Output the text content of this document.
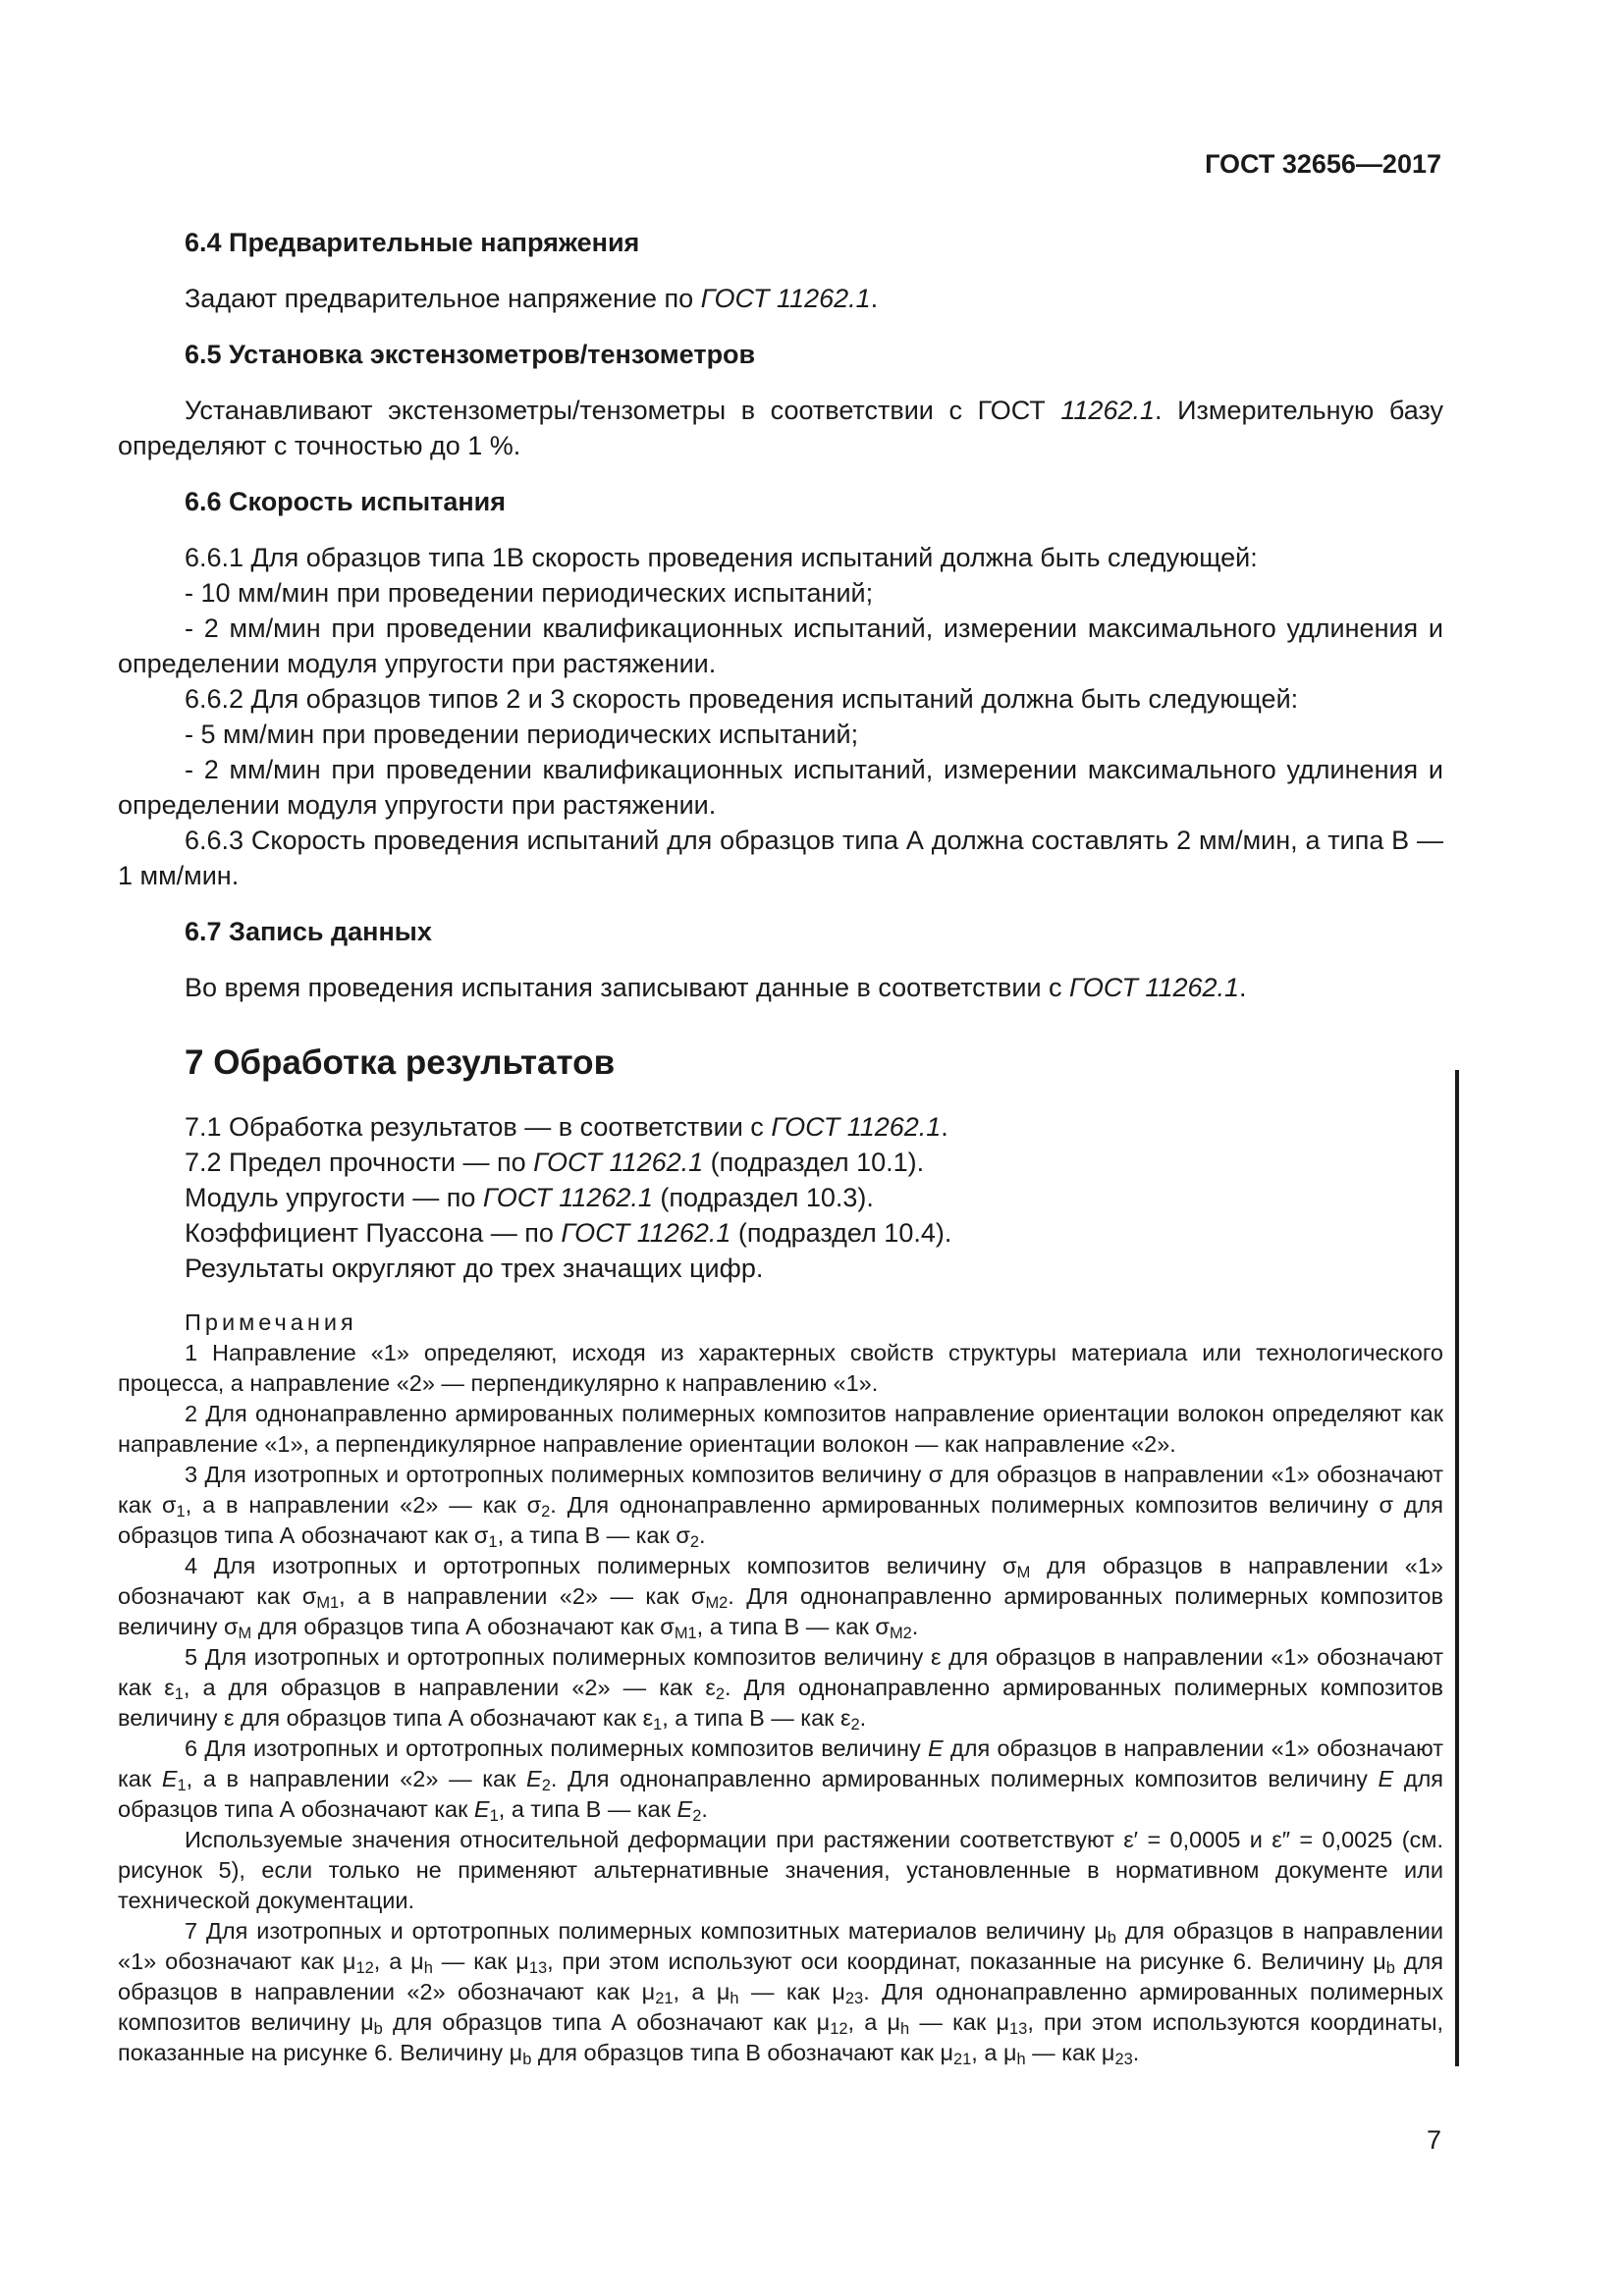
ГОСТ 32656—2017
6.4 Предварительные напряжения

Задают предварительное напряжение по ГОСТ 11262.1.

6.5 Установка экстензометров/тензометров

Устанавливают экстензометры/тензометры в соответствии с ГОСТ 11262.1. Измерительную базу определяют с точностью до 1 %.

6.6 Скорость испытания

6.6.1 Для образцов типа 1В скорость проведения испытаний должна быть следующей:

- 10 мм/мин при проведении периодических испытаний;

- 2 мм/мин при проведении квалификационных испытаний, измерении максимального удлинения и определении модуля упругости при растяжении.

6.6.2 Для образцов типов 2 и 3 скорость проведения испытаний должна быть следующей:

- 5 мм/мин при проведении периодических испытаний;

- 2 мм/мин при проведении квалификационных испытаний, измерении максимального удлинения и определении модуля упругости при растяжении.

6.6.3 Скорость проведения испытаний для образцов типа А должна составлять 2 мм/мин, а типа В — 1 мм/мин.

6.7 Запись данных

Во время проведения испытания записывают данные в соответствии с ГОСТ 11262.1.

7 Обработка результатов

7.1 Обработка результатов — в соответствии с ГОСТ 11262.1.

7.2 Предел прочности — по ГОСТ 11262.1 (подраздел 10.1).

Модуль упругости — по ГОСТ 11262.1 (подраздел 10.3).

Коэффициент Пуассона — по ГОСТ 11262.1 (подраздел 10.4).

Результаты округляют до трех значащих цифр.

Примечания

1 Направление «1» определяют, исходя из характерных свойств структуры материала или технологического процесса, а направление «2» — перпендикулярно к направлению «1».

2 Для однонаправленно армированных полимерных композитов направление ориентации волокон определяют как направление «1», а перпендикулярное направление ориентации волокон — как направление «2».

3 Для изотропных и ортотропных полимерных композитов величину σ для образцов в направлении «1» обозначают как $\sigma_1$, а в направлении «2» — как $\sigma_2$. Для однонаправленно армированных полимерных композитов величину σ для образцов типа А обозначают как $\sigma_1$, а типа В — как $\sigma_2$.

4 Для изотропных и ортотропных полимерных композитов величину $\sigma_M$ для образцов в направлении «1» обозначают как $\sigma_{M1}$, а в направлении «2» — как $\sigma_{M2}$. Для однонаправленно армированных полимерных композитов величину $\sigma_M$ для образцов типа А обозначают как $\sigma_{M1}$, а типа В — как $\sigma_{M2}$.

5 Для изотропных и ортотропных полимерных композитов величину ε для образцов в направлении «1» обозначают как $\varepsilon_1$, а для образцов в направлении «2» — как $\varepsilon_2$. Для однонаправленно армированных полимерных композитов величину ε для образцов типа А обозначают как $\varepsilon_1$, а типа В — как $\varepsilon_2$.

6 Для изотропных и ортотропных полимерных композитов величину E для образцов в направлении «1» обозначают как $E_1$, а в направлении «2» — как $E_2$. Для однонаправленно армированных полимерных композитов величину E для образцов типа А обозначают как $E_1$, а типа В — как $E_2$.

Используемые значения относительной деформации при растяжении соответствуют ε′ = 0,0005 и ε″ = 0,0025 (см. рисунок 5), если только не применяют альтернативные значения, установленные в нормативном документе или технической документации.

7 Для изотропных и ортотропных полимерных композитных материалов величину $\mu_b$ для образцов в направлении «1» обозначают как $\mu_{12}$, а $\mu_h$ — как $\mu_{13}$, при этом используют оси координат, показанные на рисунке 6. Величину $\mu_b$ для образцов в направлении «2» обозначают как $\mu_{21}$, а $\mu_h$ — как $\mu_{23}$. Для однонаправленно армированных полимерных композитов величину $\mu_b$ для образцов типа А обозначают как $\mu_{12}$, а $\mu_h$ — как $\mu_{13}$, при этом используются координаты, показанные на рисунке 6. Величину $\mu_b$ для образцов типа В обозначают как $\mu_{21}$, а $\mu_h$ — как $\mu_{23}$.

7
